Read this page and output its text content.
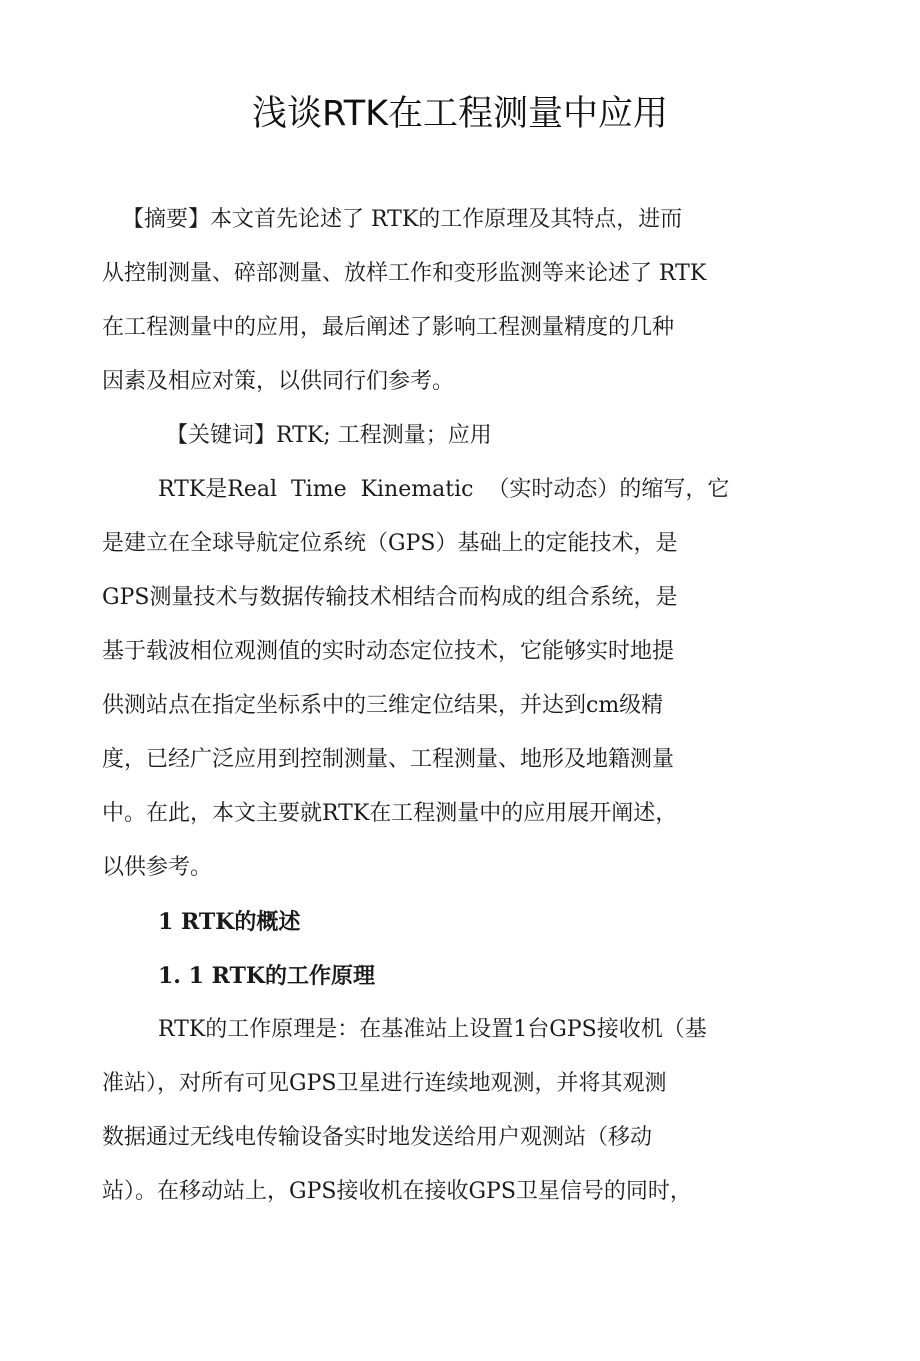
浅谈RTK在工程测量中应用

【摘要】本文首先论述了 RTK的工作原理及其特点，进而

从控制测量、碎部测量、放样工作和变形监测等来论述了 RTK

在工程测量中的应用，最后阐述了影响工程测量精度的几种

因素及相应对策，以供同行们参考。

【关键词】RTK; 工程测量；应用

RTK是Real  Time  Kinematic  （实时动态）的缩写，它

是建立在全球导航定位系统（GPS）基础上的定能技术，是

GPS测量技术与数据传输技术相结合而构成的组合系统，是

基于载波相位观测值的实时动态定位技术，它能够实时地提

供测站点在指定坐标系中的三维定位结果，并达到cm级精

度，已经广泛应用到控制测量、工程测量、地形及地籍测量

中。在此，本文主要就RTK在工程测量中的应用展开阐述，

以供参考。

1 RTK的概述

1. 1 RTK的工作原理

RTK的工作原理是：在基准站上设置1台GPS接收机（基

准站），对所有可见GPS卫星进行连续地观测，并将其观测

数据通过无线电传输设备实时地发送给用户观测站（移动

站）。在移动站上，GPS接收机在接收GPS卫星信号的同时，
